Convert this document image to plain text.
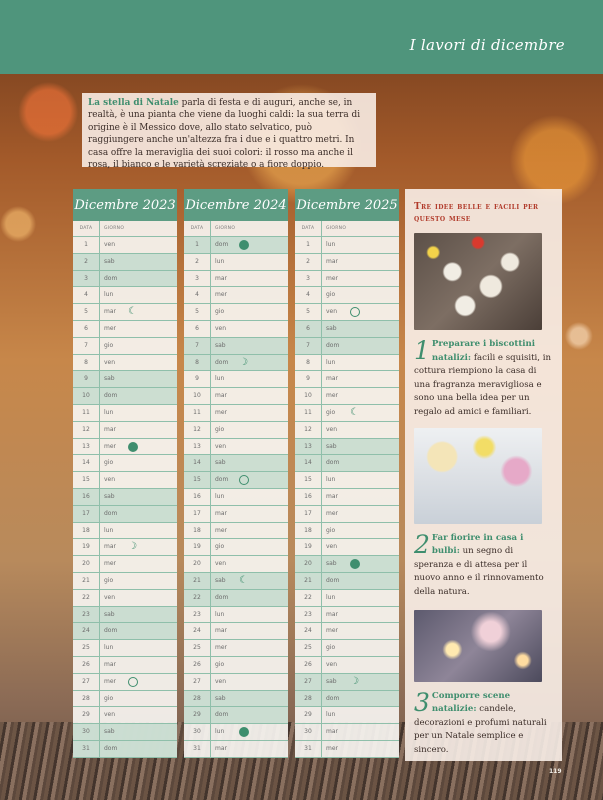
I lavori di dicembre
La stella di Natale parla di festa e di auguri, anche se, in realtà, è una pianta che viene da luoghi caldi: la sua terra di origine è il Messico dove, allo stato selvatico, può raggiungere anche un'altezza fra i due e i quattro metri. In casa offre la meraviglia dei suoi colori: il rosso ma anche il rosa, il bianco e le varietà screziate o a fiore doppio.
Dicembre 2023
DATA	GIORNO
1	ven
2	sab
3	dom
4	lun
5	mar ☾
6	mer
7	gio
8	ven
9	sab
10	dom
11	lun
12	mar
13	mer
14	gio
15	ven
16	sab
17	dom
18	lun
19	mar ☽
20	mer
21	gio
22	ven
23	sab
24	dom
25	lun
26	mar
27	mer
28	gio
29	ven
30	sab
31	dom
Dicembre 2024
DATA	GIORNO
1	dom
2	lun
3	mar
4	mer
5	gio
6	ven
7	sab
8	dom ☽
9	lun
10	mar
11	mer
12	gio
13	ven
14	sab
15	dom
16	lun
17	mar
18	mer
19	gio
20	ven
21	sab ☾
22	dom
23	lun
24	mar
25	mer
26	gio
27	ven
28	sab
29	dom
30	lun
31	mar
Dicembre 2025
DATA	GIORNO
1	lun
2	mar
3	mer
4	gio
5	ven
6	sab
7	dom
8	lun
9	mar
10	mer
11	gio ☾
12	ven
13	sab
14	dom
15	lun
16	mar
17	mer
18	gio
19	ven
20	sab
21	dom
22	lun
23	mar
24	mer
25	gio
26	ven
27	sab ☽
28	dom
29	lun
30	mar
31	mer
Tre idee belle e facili per questo mese
1 Preparare i biscottini natalizi: facili e squisiti, in cottura riempiono la casa di una fragranza meravigliosa e sono una bella idea per un regalo ad amici e familiari.
2 Far fiorire in casa i bulbi: un segno di speranza e di attesa per il nuovo anno e il rinnovamento della natura.
3 Comporre scene natalizie: candele, decorazioni e profumi naturali per un Natale semplice e sincero.
119
